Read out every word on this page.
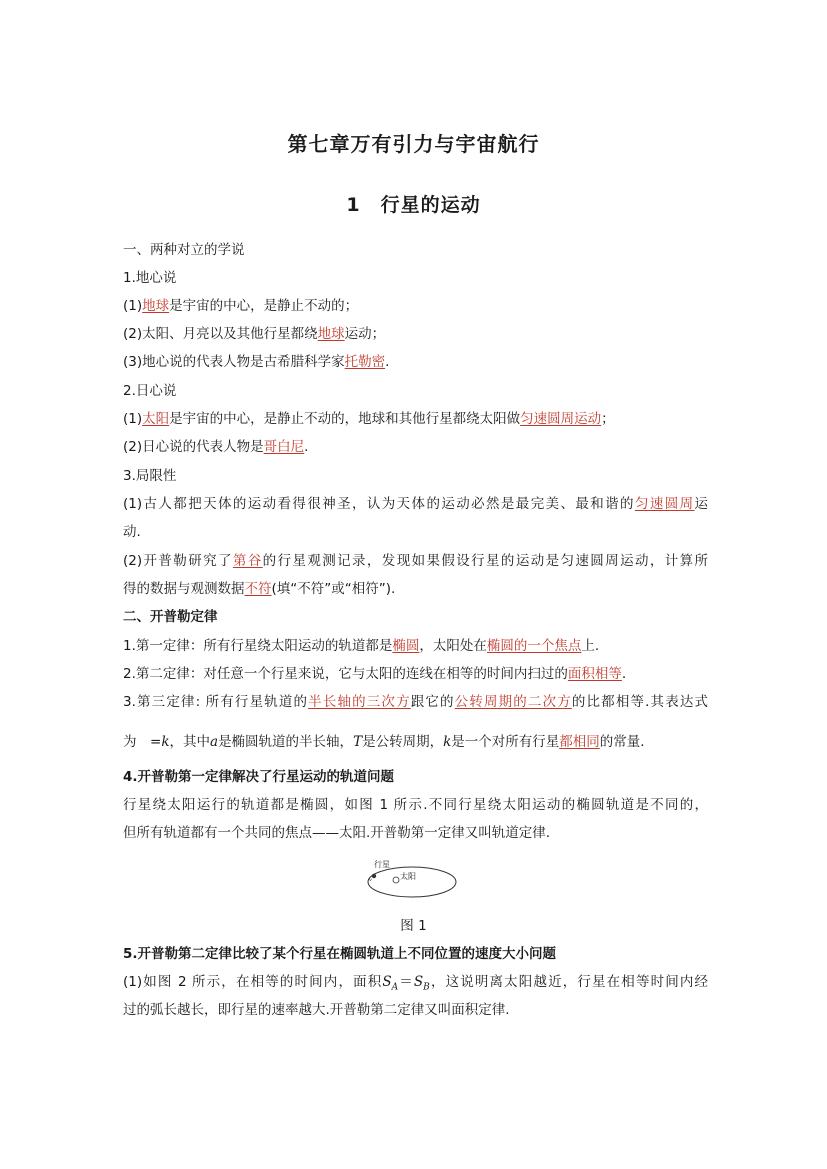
第七章万有引力与宇宙航行
1　行星的运动
一、两种对立的学说
1.地心说
(1)地球是宇宙的中心，是静止不动的；
(2)太阳、月亮以及其他行星都绕地球运动；
(3)地心说的代表人物是古希腊科学家托勒密.
2.日心说
(1)太阳是宇宙的中心，是静止不动的，地球和其他行星都绕太阳做匀速圆周运动；
(2)日心说的代表人物是哥白尼.
3.局限性
(1)古人都把天体的运动看得很神圣，认为天体的运动必然是最完美、最和谐的匀速圆周运
动.
(2)开普勒研究了第谷的行星观测记录，发现如果假设行星的运动是匀速圆周运动，计算所
得的数据与观测数据不符(填“不符”或“相符”).
二、开普勒定律
1.第一定律：所有行星绕太阳运动的轨道都是椭圆，太阳处在椭圆的一个焦点上.
2.第二定律：对任意一个行星来说，它与太阳的连线在相等的时间内扫过的面积相等.
3.第三定律: 所有行星轨道的半长轴的三次方跟它的公转周期的二次方的比都相等.其表达式
为　=k，其中a是椭圆轨道的半长轴，T是公转周期，k是一个对所有行星都相同的常量.
4.开普勒第一定律解决了行星运动的轨道问题
行星绕太阳运行的轨道都是椭圆，如图 1 所示.不同行星绕太阳运动的椭圆轨道是不同的，
但所有轨道都有一个共同的焦点——太阳.开普勒第一定律又叫轨道定律.
行星
太阳
v
图 1
5.开普勒第二定律比较了某个行星在椭圆轨道上不同位置的速度大小问题
(1)如图 2 所示，在相等的时间内，面积$S_A=S_B$，这说明离太阳越近，行星在相等时间内经
过的弧长越长，即行星的速率越大.开普勒第二定律又叫面积定律.
